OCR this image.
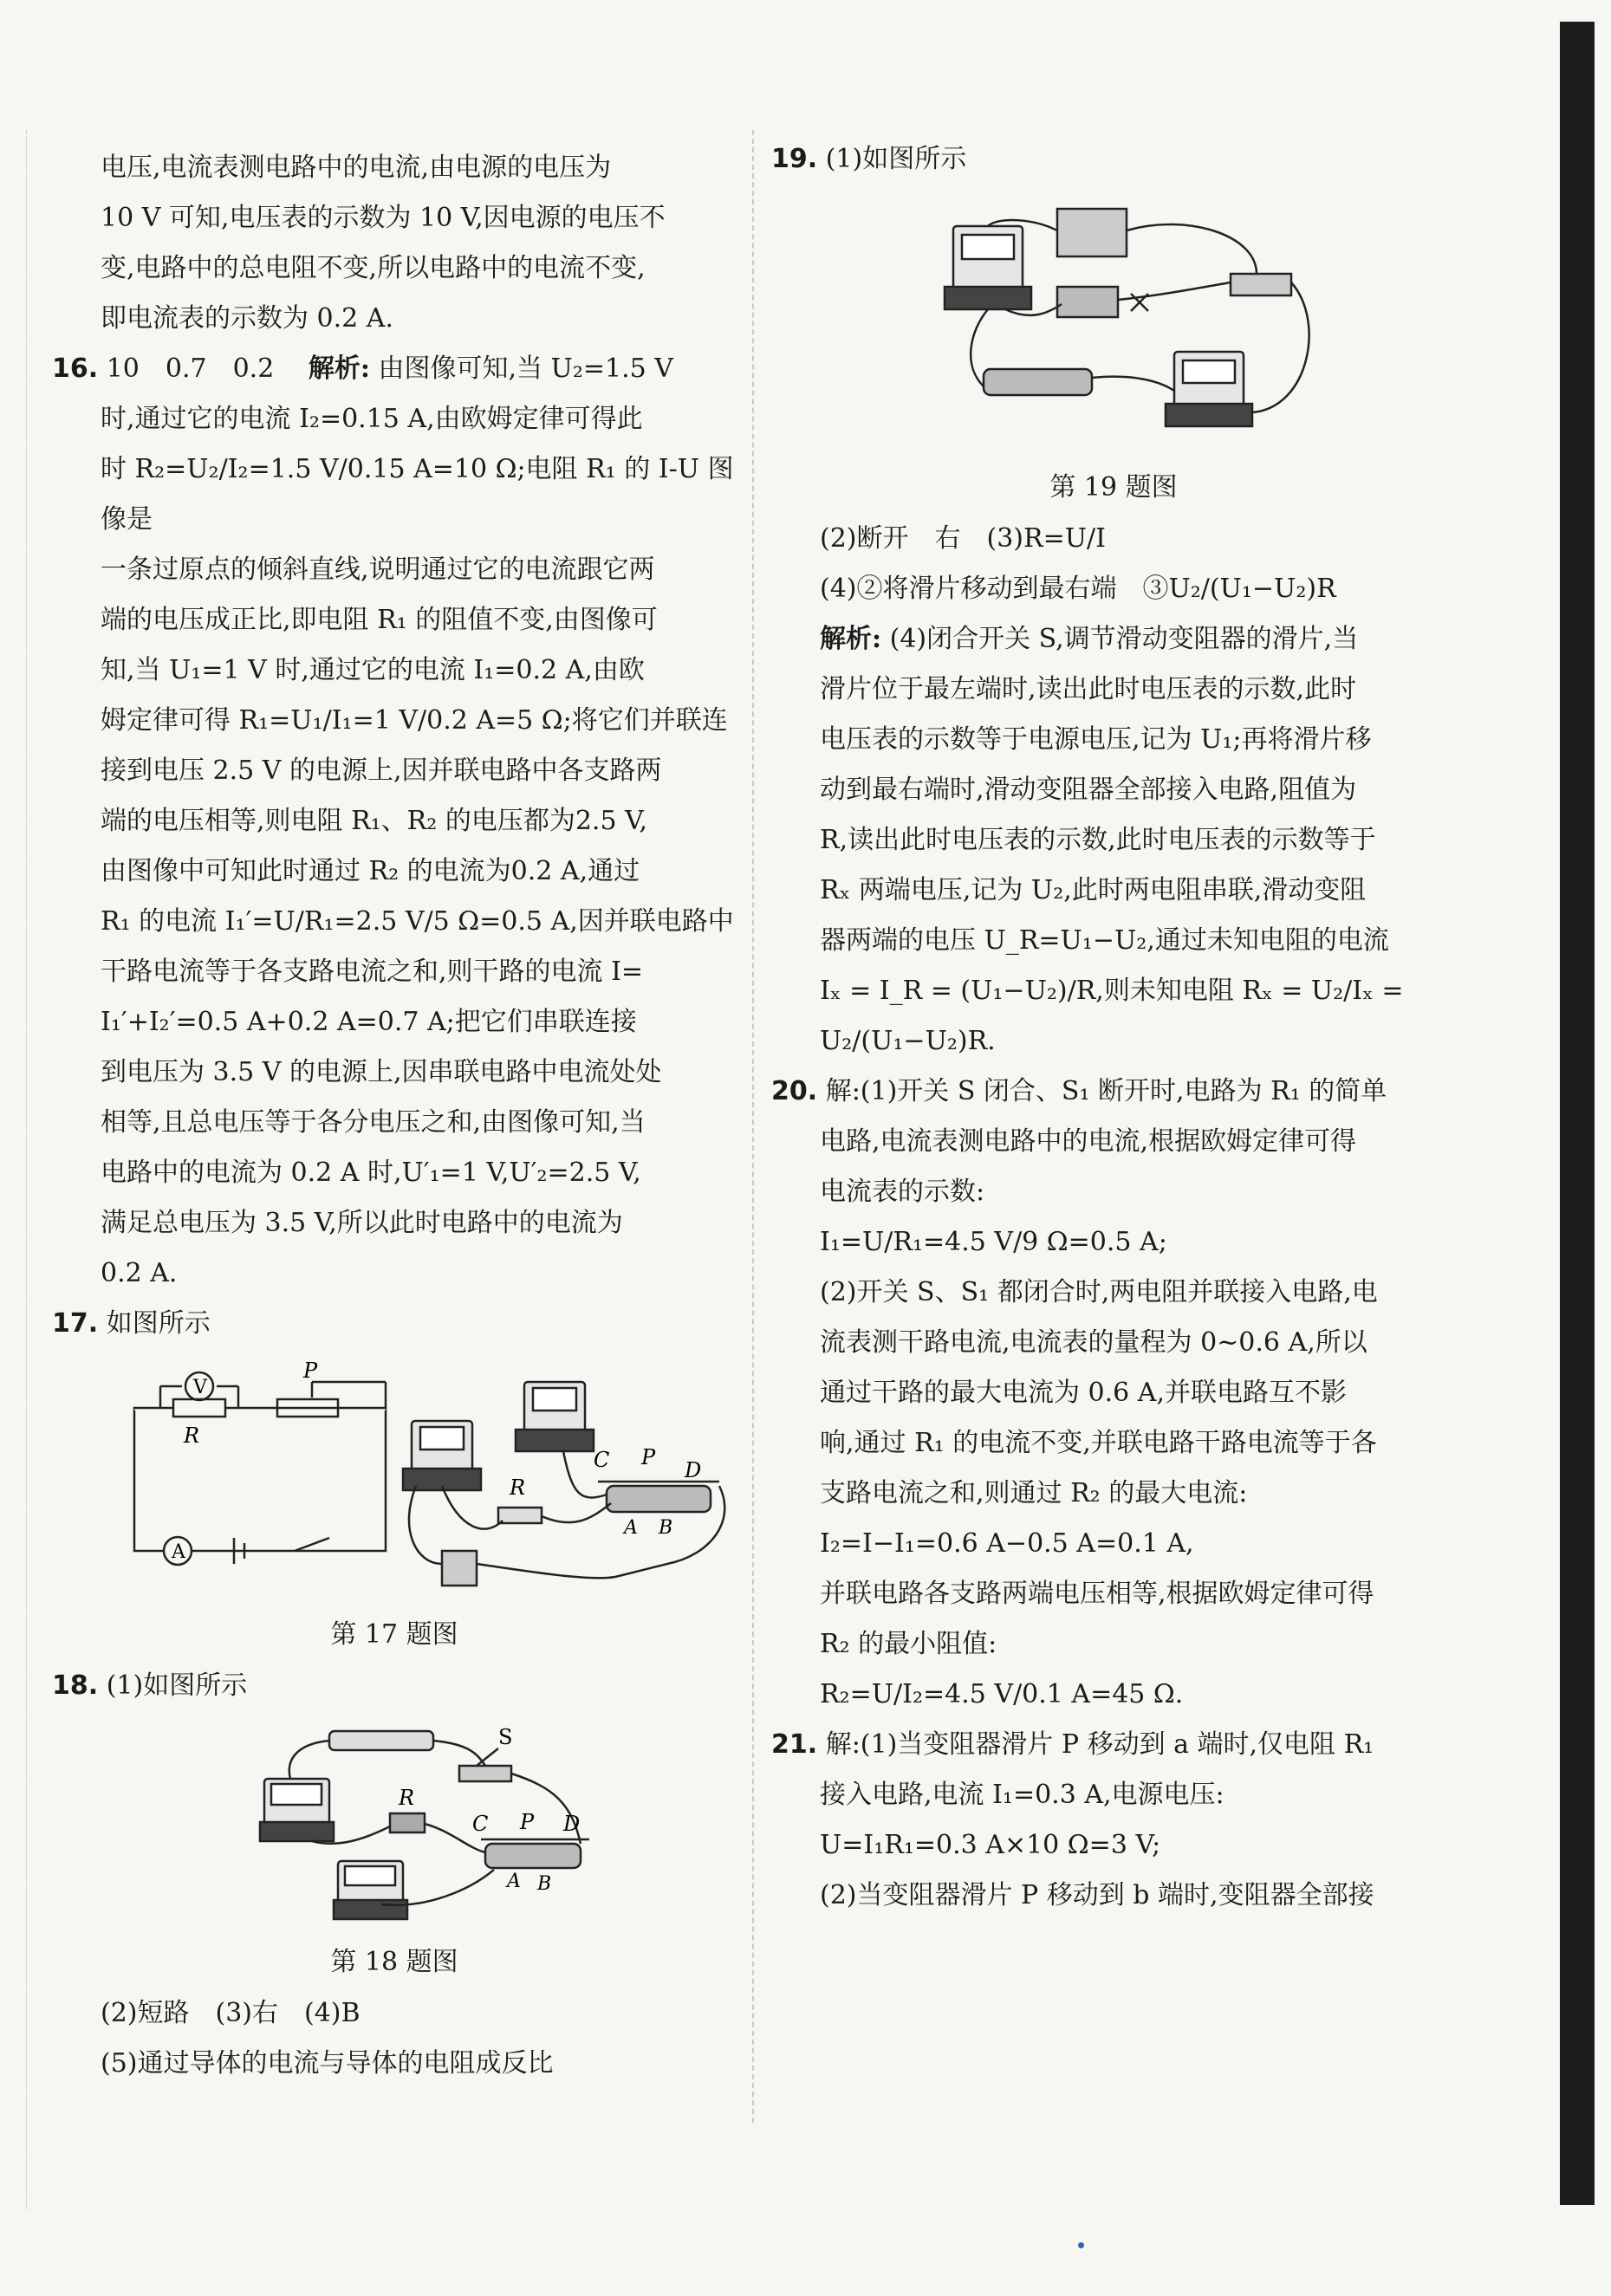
电压,电流表测电路中的电流,由电源的电压为

10 V 可知,电压表的示数为 10 V,因电源的电压不

变,电路中的总电阻不变,所以电路中的电流不变,

即电流表的示数为 0.2 A.

16. 10　0.7　0.2　 解析: 由图像可知,当 U₂=1.5 V

时,通过它的电流 I₂=0.15 A,由欧姆定律可得此

时 R₂=U₂/I₂=1.5 V/0.15 A=10 Ω;电阻 R₁ 的 I-U 图像是

一条过原点的倾斜直线,说明通过它的电流跟它两

端的电压成正比,即电阻 R₁ 的阻值不变,由图像可

知,当 U₁=1 V 时,通过它的电流 I₁=0.2 A,由欧

姆定律可得 R₁=U₁/I₁=1 V/0.2 A=5 Ω;将它们并联连

接到电压 2.5 V 的电源上,因并联电路中各支路两

端的电压相等,则电阻 R₁、R₂ 的电压都为2.5 V,

由图像中可知此时通过 R₂ 的电流为0.2 A,通过

R₁ 的电流 I₁′=U/R₁=2.5 V/5 Ω=0.5 A,因并联电路中

干路电流等于各支路电流之和,则干路的电流 I=

I₁′+I₂′=0.5 A+0.2 A=0.7 A;把它们串联连接

到电压为 3.5 V 的电源上,因串联电路中电流处处

相等,且总电压等于各分电压之和,由图像可知,当

电路中的电流为 0.2 A 时,U′₁=1 V,U′₂=2.5 V,

满足总电压为 3.5 V,所以此时电路中的电流为

0.2 A.

17. 如图所示

V
A
R
P
R
C P
D
A B
第 17 题图

18. (1)如图所示

S
R
C P D
A B
第 18 题图

(2)短路　(3)右　(4)B

(5)通过导体的电流与导体的电阻成反比

19. (1)如图所示

第 19 题图

(2)断开　右　(3)R=U/I

(4)②将滑片移动到最右端　③U₂/(U₁−U₂)R

解析: (4)闭合开关 S,调节滑动变阻器的滑片,当

滑片位于最左端时,读出此时电压表的示数,此时

电压表的示数等于电源电压,记为 U₁;再将滑片移

动到最右端时,滑动变阻器全部接入电路,阻值为

R,读出此时电压表的示数,此时电压表的示数等于

Rₓ 两端电压,记为 U₂,此时两电阻串联,滑动变阻

器两端的电压 U_R=U₁−U₂,通过未知电阻的电流

Iₓ = I_R = (U₁−U₂)/R,则未知电阻 Rₓ = U₂/Iₓ =

U₂/(U₁−U₂)R.

20. 解:(1)开关 S 闭合、S₁ 断开时,电路为 R₁ 的简单

电路,电流表测电路中的电流,根据欧姆定律可得

电流表的示数:

I₁=U/R₁=4.5 V/9 Ω=0.5 A;

(2)开关 S、S₁ 都闭合时,两电阻并联接入电路,电

流表测干路电流,电流表的量程为 0~0.6 A,所以

通过干路的最大电流为 0.6 A,并联电路互不影

响,通过 R₁ 的电流不变,并联电路干路电流等于各

支路电流之和,则通过 R₂ 的最大电流:

I₂=I−I₁=0.6 A−0.5 A=0.1 A,

并联电路各支路两端电压相等,根据欧姆定律可得

R₂ 的最小阻值:

R₂=U/I₂=4.5 V/0.1 A=45 Ω.

21. 解:(1)当变阻器滑片 P 移动到 a 端时,仅电阻 R₁

接入电路,电流 I₁=0.3 A,电源电压:

U=I₁R₁=0.3 A×10 Ω=3 V;

(2)当变阻器滑片 P 移动到 b 端时,变阻器全部接
